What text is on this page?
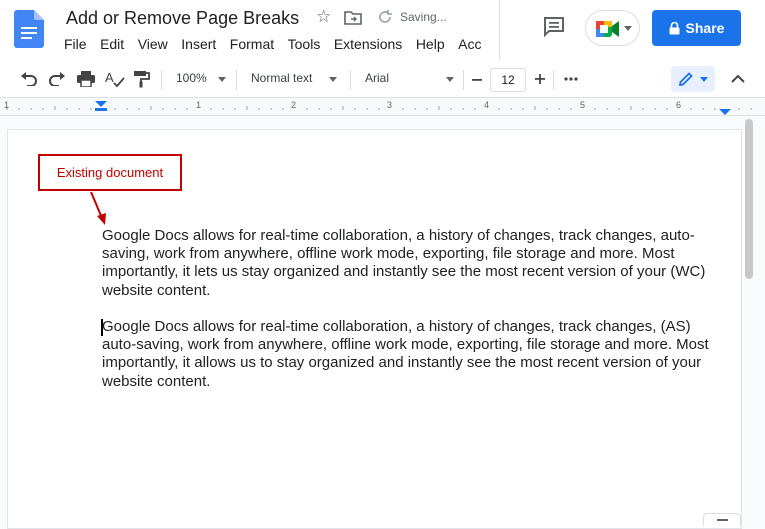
Add or Remove Page Breaks ☆	Saving...
File Edit View Insert Format Tools Extensions Help Acc
Share
A	100%	Normal text	Arial	12
1	1	2	3	4	5	6
Existing document
Google Docs allows for real-time collaboration, a history of changes, track changes, auto-saving, work from anywhere, offline work mode, exporting, file storage and more. Most importantly, it lets us stay organized and instantly see the most recent version of your (WC) website content.
Google Docs allows for real-time collaboration, a history of changes, track changes, (AS) auto-saving, work from anywhere, offline work mode, exporting, file storage and more. Most importantly, it allows us to stay organized and instantly see the most recent version of your website content.
